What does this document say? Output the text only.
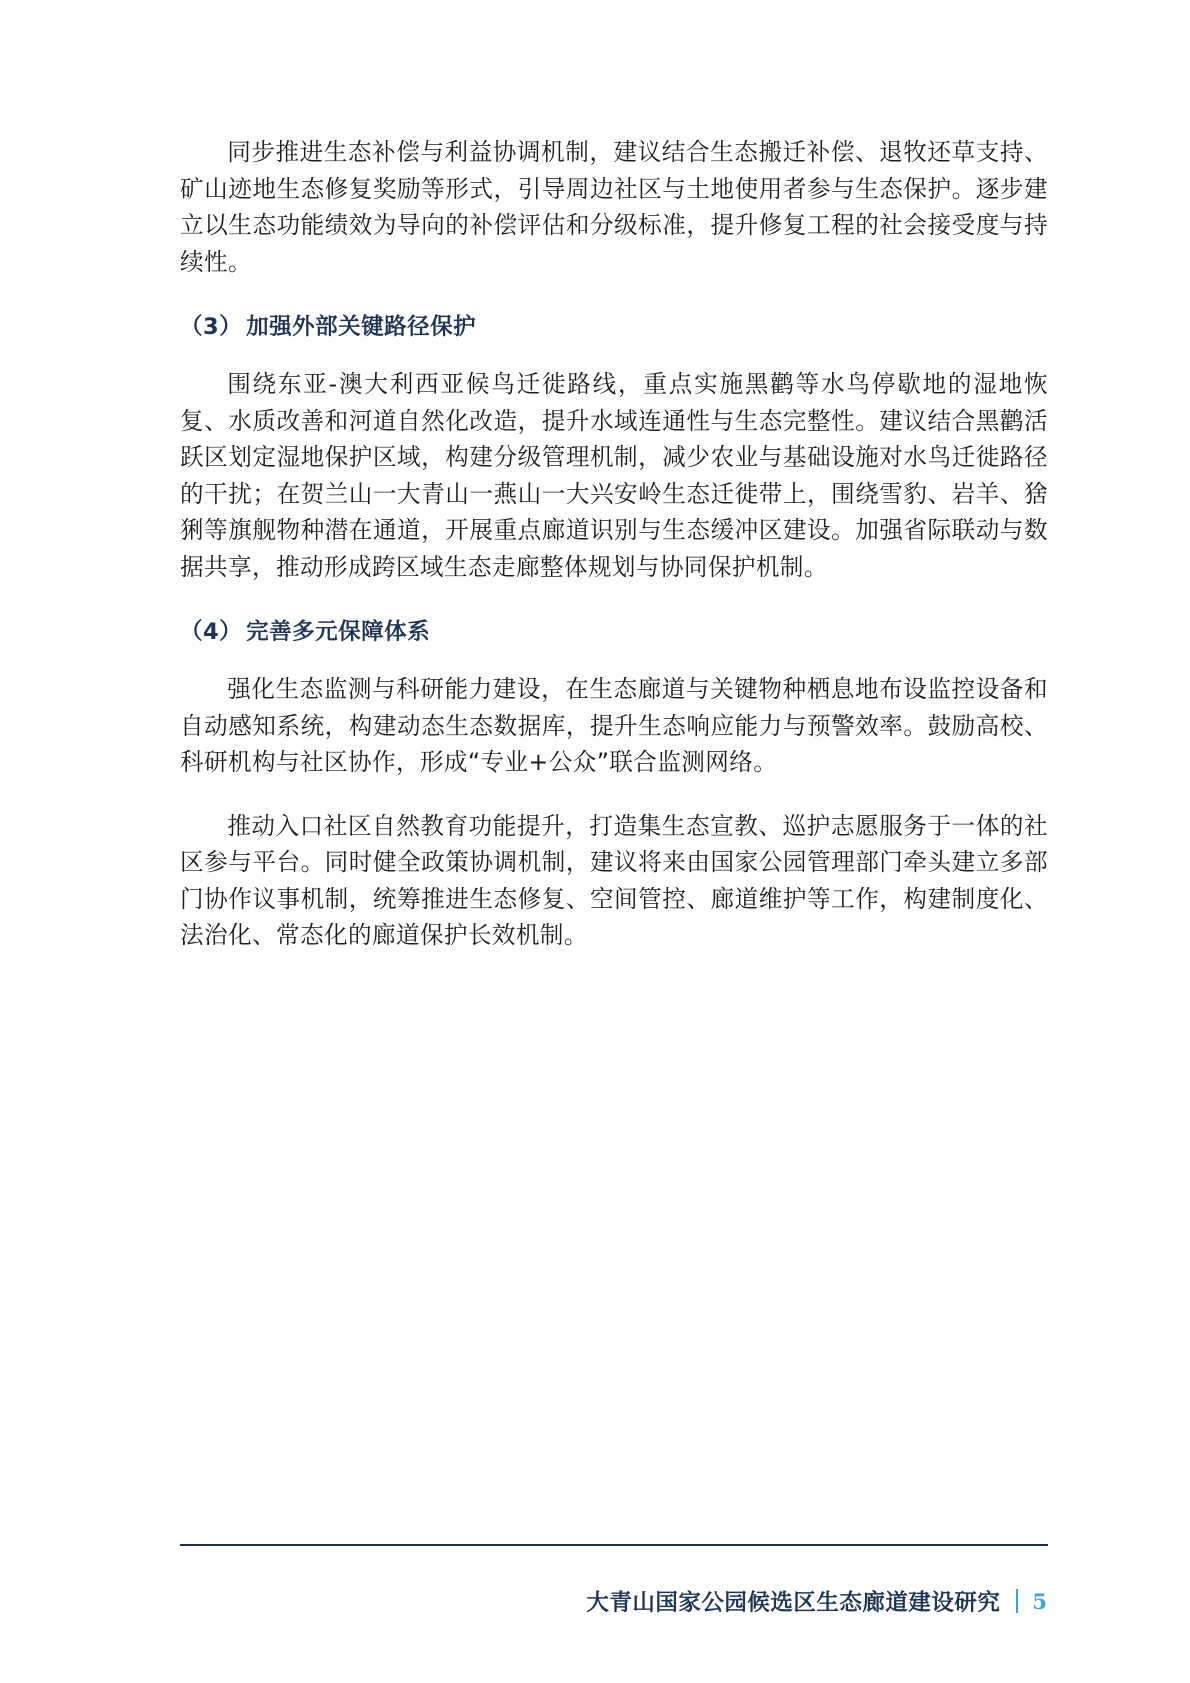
同步推进生态补偿与利益协调机制，建议结合生态搬迁补偿、退牧还草支持、矿山迹地生态修复奖励等形式，引导周边社区与土地使用者参与生态保护。逐步建立以生态功能绩效为导向的补偿评估和分级标准，提升修复工程的社会接受度与持续性。

（3） 加强外部关键路径保护

围绕东亚-澳大利西亚候鸟迁徙路线，重点实施黑鹳等水鸟停歇地的湿地恢复、水质改善和河道自然化改造，提升水域连通性与生态完整性。建议结合黑鹳活跃区划定湿地保护区域，构建分级管理机制，减少农业与基础设施对水鸟迁徙路径的干扰；在贺兰山一大青山一燕山一大兴安岭生态迁徙带上，围绕雪豹、岩羊、猞猁等旗舰物种潜在通道，开展重点廊道识别与生态缓冲区建设。加强省际联动与数据共享，推动形成跨区域生态走廊整体规划与协同保护机制。

（4） 完善多元保障体系

强化生态监测与科研能力建设，在生态廊道与关键物种栖息地布设监控设备和自动感知系统，构建动态生态数据库，提升生态响应能力与预警效率。鼓励高校、科研机构与社区协作，形成“专业+公众”联合监测网络。

推动入口社区自然教育功能提升，打造集生态宣教、巡护志愿服务于一体的社区参与平台。同时健全政策协调机制，建议将来由国家公园管理部门牵头建立多部门协作议事机制，统筹推进生态修复、空间管控、廊道维护等工作，构建制度化、法治化、常态化的廊道保护长效机制。

大青山国家公园候选区生态廊道建设研究 5
